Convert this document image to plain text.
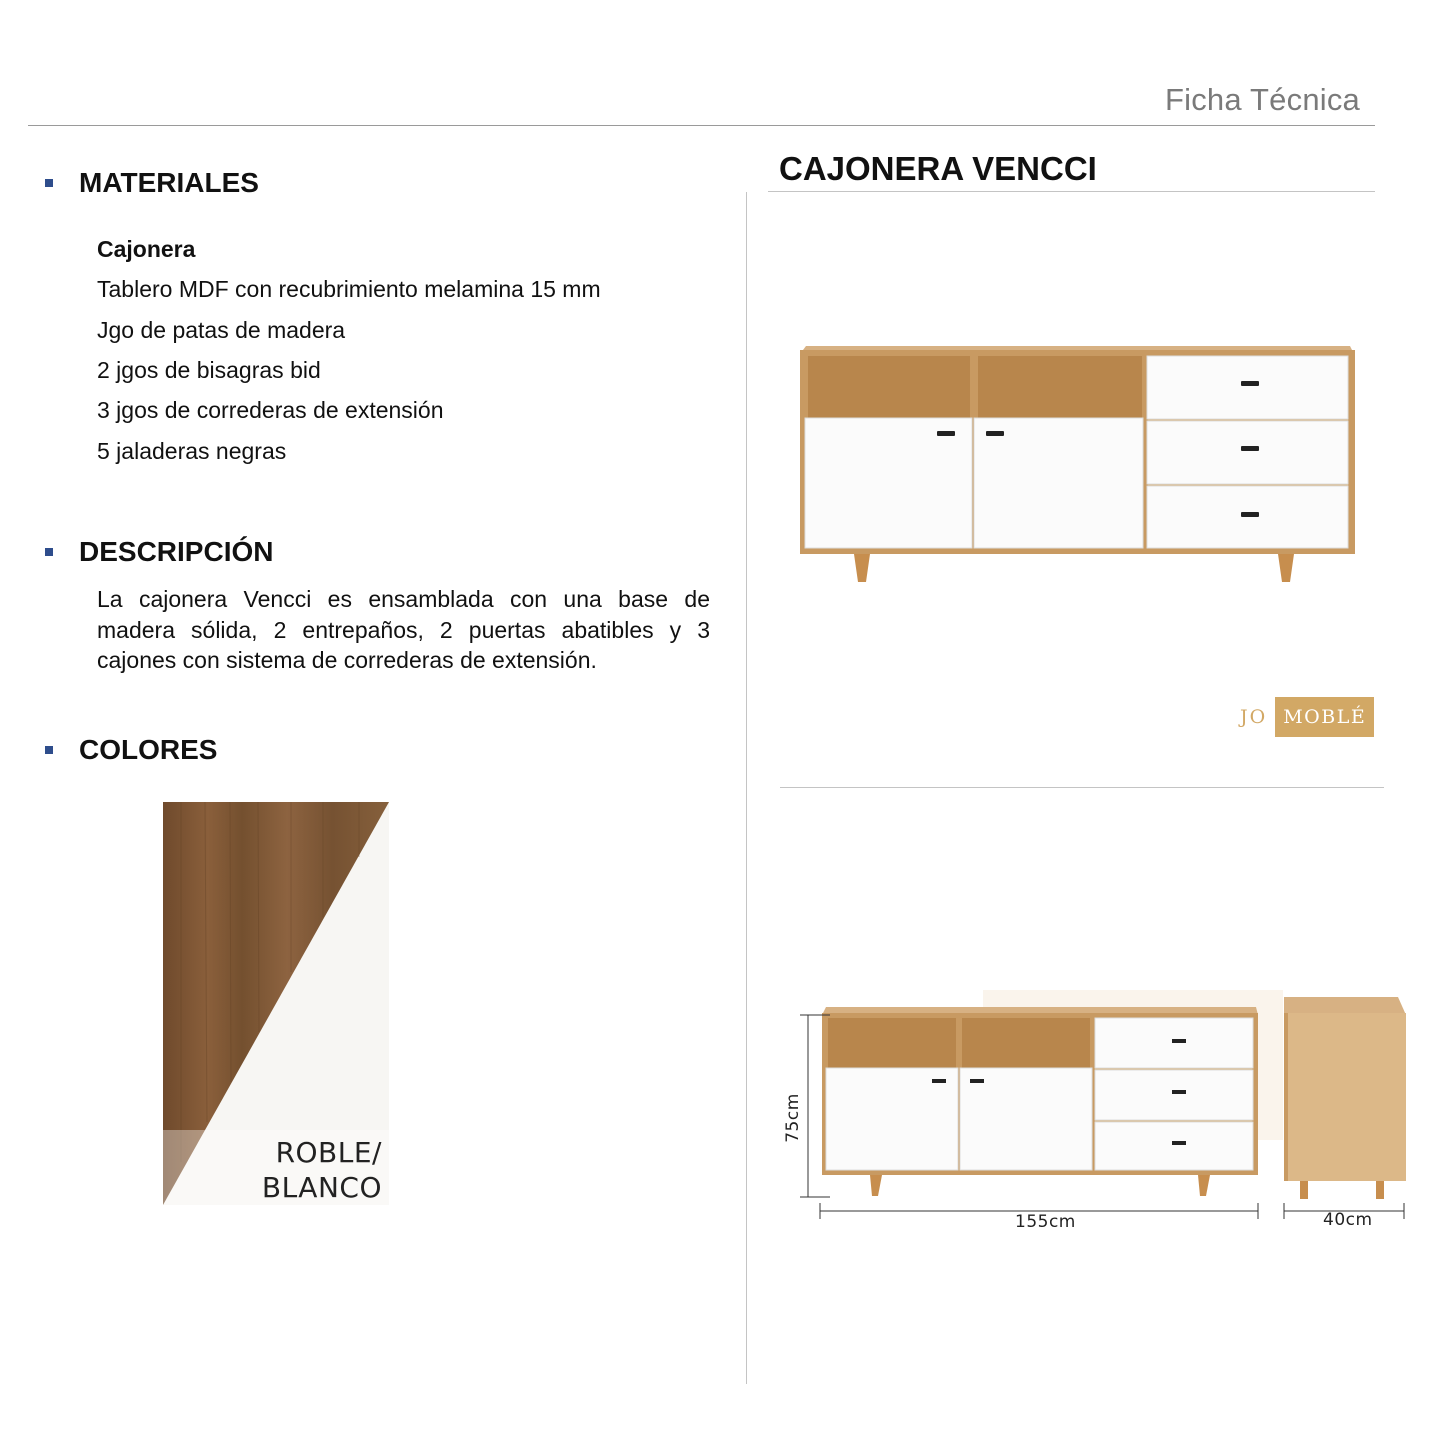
Ficha Técnica
MATERIALES
Cajonera
Tablero MDF con recubrimiento melamina 15 mm
Jgo de patas de madera
2 jgos de bisagras bid
3 jgos de correderas de extensión
5 jaladeras negras
DESCRIPCIÓN
La cajonera Vencci es ensamblada con una base de madera sólida, 2 entrepaños, 2 puertas abatibles y 3 cajones con sistema de correderas de extensión.
COLORES
ROBLE/
BLANCO
CAJONERA VENCCI
JO MOBLÉ
75cm
155cm	40cm
